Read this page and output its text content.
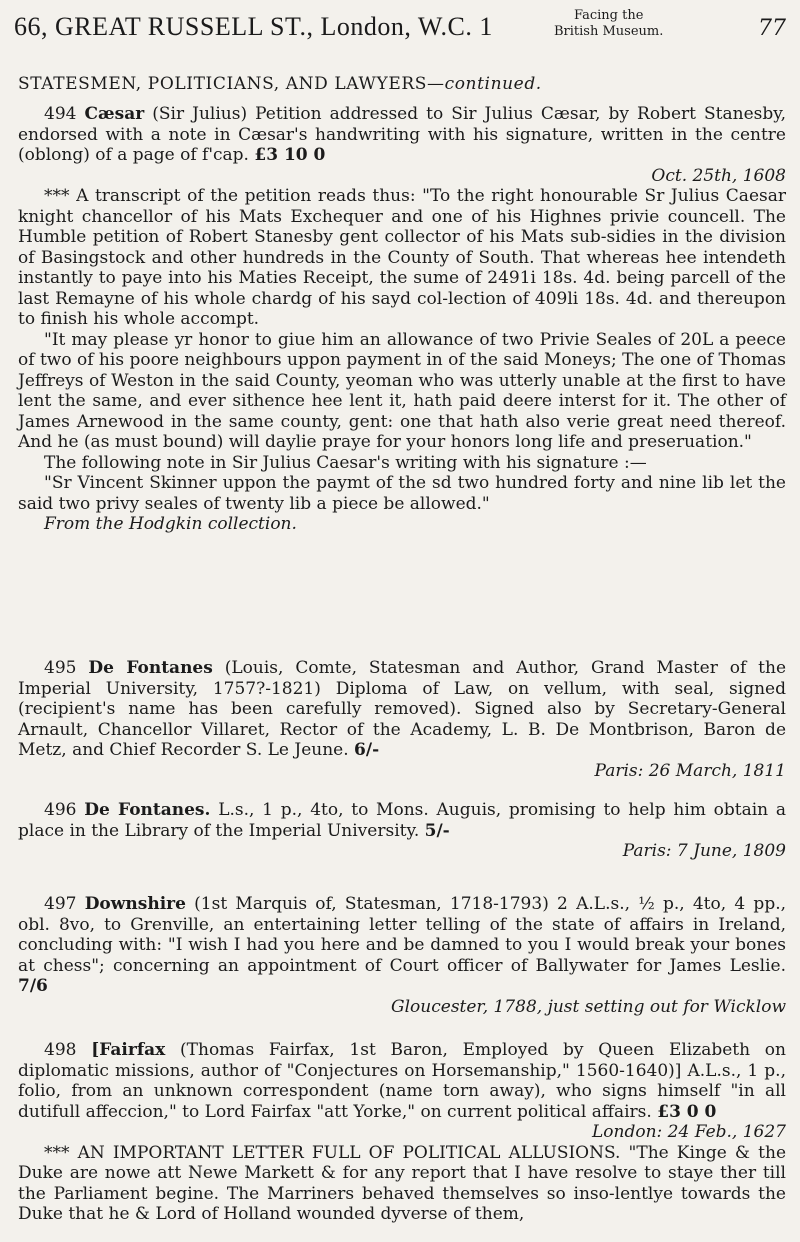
66, GREAT RUSSELL ST., London, W.C. 1	Facing the
British Museum.	77
STATESMEN, POLITICIANS, AND LAWYERS—continued.

494 Cæsar (Sir Julius) Petition addressed to Sir Julius Cæsar, by Robert Stanesby, endorsed with a note in Cæsar's handwriting with his signature, written in the centre (oblong) of a page of f'cap. £3 10 0

Oct. 25th, 1608

*** A transcript of the petition reads thus: "To the right honourable Sr Julius Caesar knight chancellor of his Mats Exchequer and one of his Highnes privie councell. The Humble petition of Robert Stanesby gent collector of his Mats sub-sidies in the division of Basingstock and other hundreds in the County of South. That whereas hee intendeth instantly to paye into his Maties Receipt, the sume of 2491i 18s. 4d. being parcell of the last Remayne of his whole chardg of his sayd col-lection of 409li 18s. 4d. and thereupon to finish his whole accompt.

"It may please yr honor to giue him an allowance of two Privie Seales of 20L a peece of two of his poore neighbours uppon payment in of the said Moneys; The one of Thomas Jeffreys of Weston in the said County, yeoman who was utterly unable at the first to have lent the same, and ever sithence hee lent it, hath paid deere interst for it. The other of James Arnewood in the same county, gent: one that hath also verie great need thereof. And he (as must bound) will daylie praye for your honors long life and preseruation."

The following note in Sir Julius Caesar's writing with his signature :—

"Sr Vincent Skinner uppon the paymt of the sd two hundred forty and nine lib let the said two privy seales of twenty lib a piece be allowed."

From the Hodgkin collection.

495 De Fontanes (Louis, Comte, Statesman and Author, Grand Master of the Imperial University, 1757?-1821) Diploma of Law, on vellum, with seal, signed (recipient's name has been carefully removed). Signed also by Secretary-General Arnault, Chancellor Villaret, Rector of the Academy, L. B. De Montbrison, Baron de Metz, and Chief Recorder S. Le Jeune. 6/-

Paris: 26 March, 1811

496 De Fontanes. L.s., 1 p., 4to, to Mons. Auguis, promising to help him obtain a place in the Library of the Imperial University. 5/-

Paris: 7 June, 1809

497 Downshire (1st Marquis of, Statesman, 1718-1793) 2 A.L.s., ½ p., 4to, 4 pp., obl. 8vo, to Grenville, an entertaining letter telling of the state of affairs in Ireland, concluding with: "I wish I had you here and be damned to you I would break your bones at chess"; concerning an appointment of Court officer of Ballywater for James Leslie. 7/6

Gloucester, 1788, just setting out for Wicklow

498 [Fairfax (Thomas Fairfax, 1st Baron, Employed by Queen Elizabeth on diplomatic missions, author of "Conjectures on Horsemanship," 1560-1640)] A.L.s., 1 p., folio, from an unknown correspondent (name torn away), who signs himself "in all dutifull affeccion," to Lord Fairfax "att Yorke," on current political affairs. £3 0 0

London: 24 Feb., 1627

*** AN IMPORTANT LETTER FULL OF POLITICAL ALLUSIONS. "The Kinge & the Duke are nowe att Newe Markett & for any report that I have resolve to staye ther till the Parliament begine. The Marriners behaved themselves so inso-lentlye towards the Duke that he & Lord of Holland wounded dyverse of them,
